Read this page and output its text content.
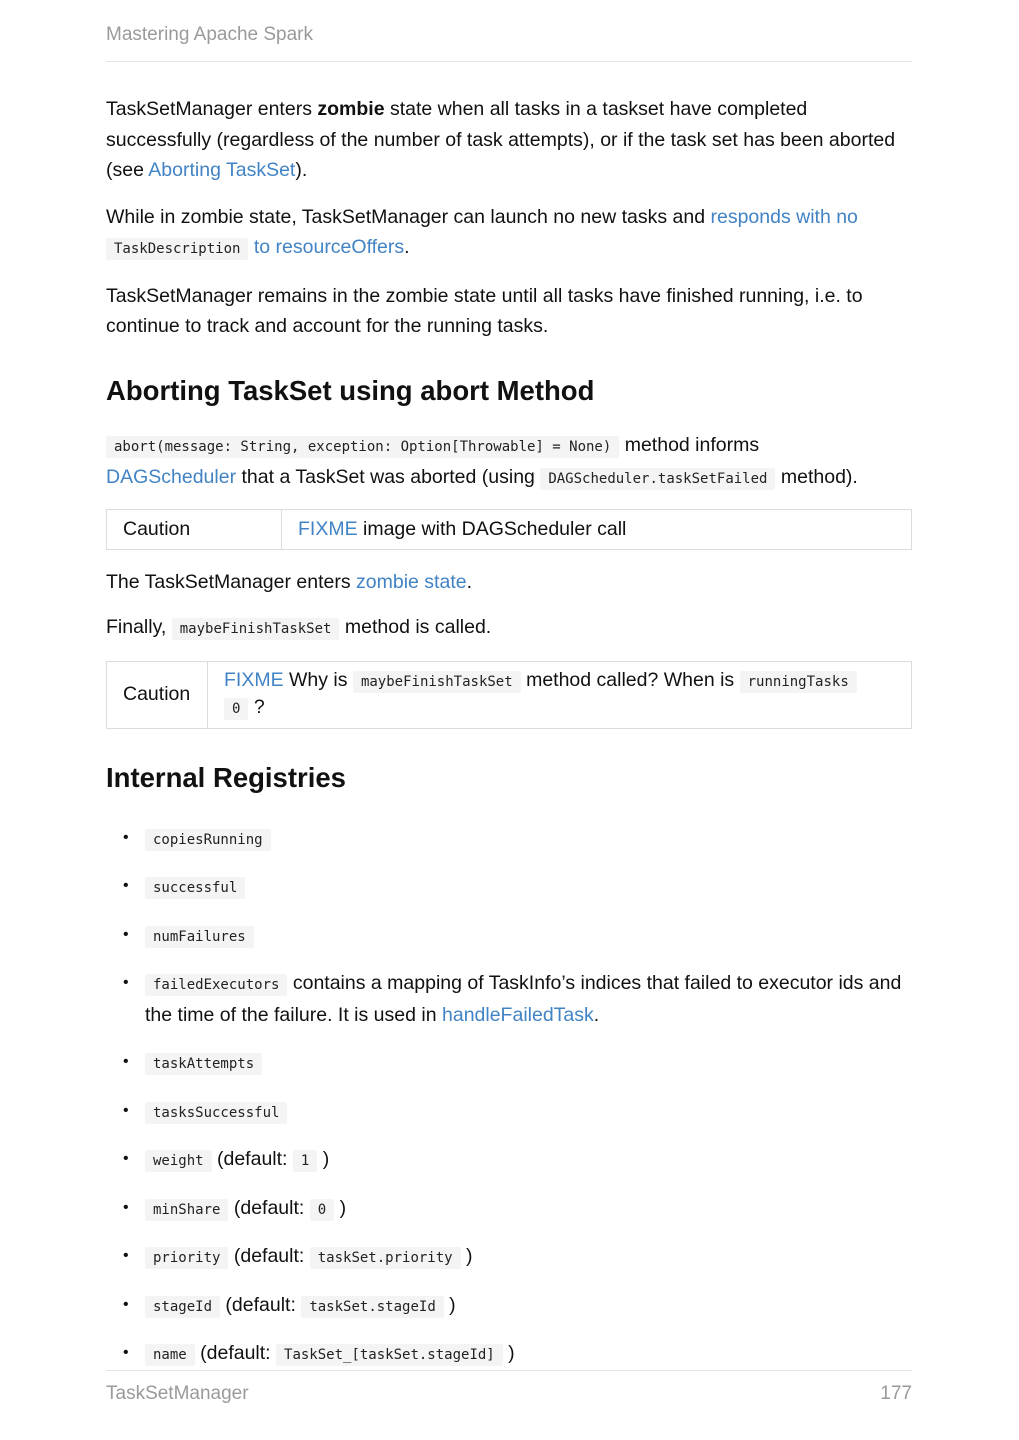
Mastering Apache Spark

TaskSetManager enters zombie state when all tasks in a taskset have completed successfully (regardless of the number of task attempts), or if the task set has been aborted (see Aborting TaskSet).

While in zombie state, TaskSetManager can launch no new tasks and responds with no
TaskDescription to resourceOffers.

TaskSetManager remains in the zombie state until all tasks have finished running, i.e. to continue to track and account for the running tasks.

Aborting TaskSet using abort Method

abort(message: String, exception: Option[Throwable] = None) method informs
DAGScheduler that a TaskSet was aborted (using DAGScheduler.taskSetFailed method).

Caution	FIXME image with DAGScheduler call

The TaskSetManager enters zombie state.

Finally, maybeFinishTaskSet method is called.

Caution
FIXME Why is maybeFinishTaskSet method called? When is runningTasks
0 ?
Internal Registries
• copiesRunning
• successful
• numFailures
• failedExecutors contains a mapping of TaskInfo’s indices that failed to executor ids and the time of the failure. It is used in handleFailedTask.
• taskAttempts
• tasksSuccessful
• weight (default: 1 )
• minShare (default: 0 )
• priority (default: taskSet.priority )
• stageId (default: taskSet.stageId )
• name (default: TaskSet_[taskSet.stageId] )
TaskSetManager	177
